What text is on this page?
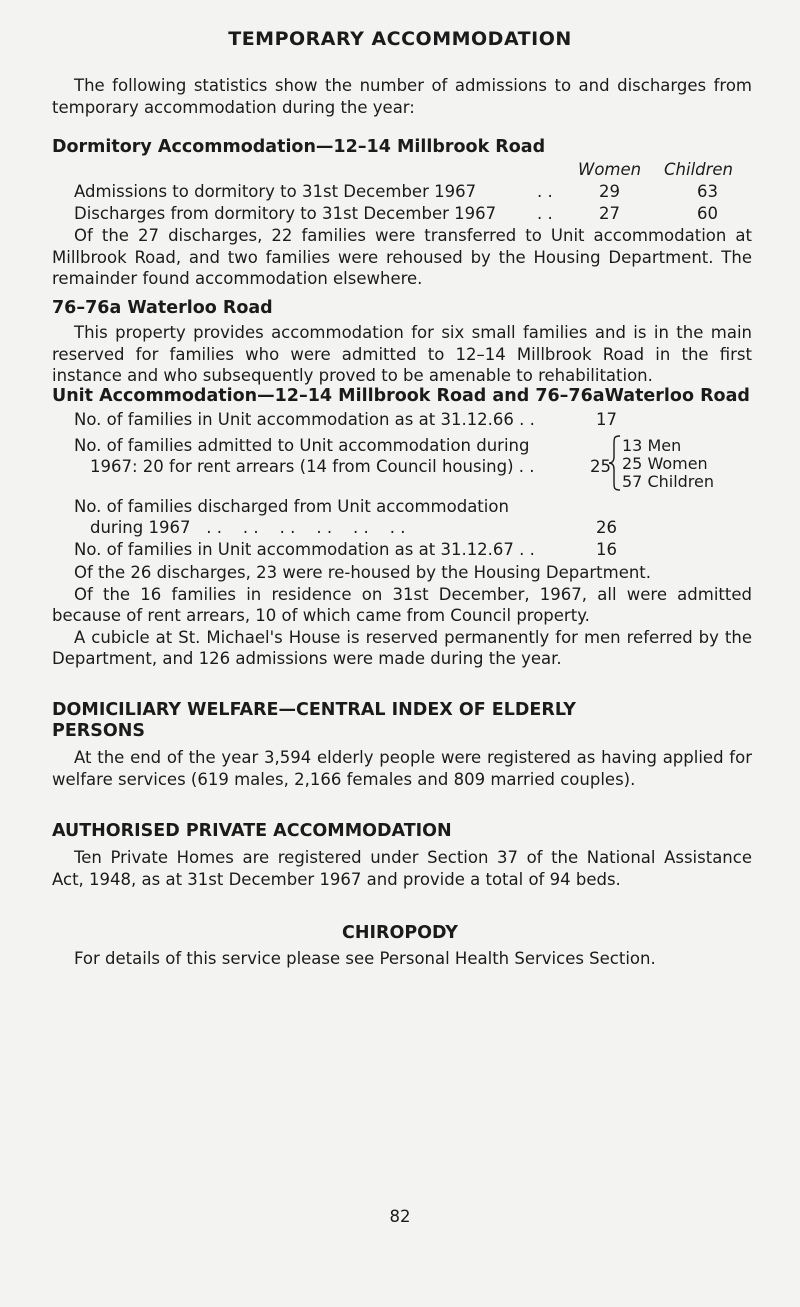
TEMPORARY ACCOMMODATION

The following statistics show the number of admissions to and discharges from temporary accommodation during the year:

Dormitory Accommodation—12–14 Millbrook Road
Women Children
Admissions to dormitory to 31st December 1967	. .	29	63
Discharges from dormitory to 31st December 1967 . .	27	60

Of the 27 discharges, 22 families were transferred to Unit accommodation at Millbrook Road, and two families were rehoused by the Housing Department. The remainder found accommodation elsewhere.

76–76a Waterloo Road

This property provides accommodation for six small families and is in the main reserved for families who were admitted to 12–14 Millbrook Road in the first instance and who subsequently proved to be amenable to rehabilitation.

Unit Accommodation—12–14 Millbrook Road and 76–76aWaterloo Road
No. of families in Unit accommodation as at 31.12.66 . .	17
No. of families admitted to Unit accommodation during
1967: 20 for rent arrears (14 from Council housing) . .	25
13 Men
25 Women
57 Children
No. of families discharged from Unit accommodation
during 1967   . .    . .    . .    . .    . .    . .	26
No. of families in Unit accommodation as at 31.12.67 . .	16

Of the 26 discharges, 23 were re-housed by the Housing Department.

Of the 16 families in residence on 31st December, 1967, all were admitted because of rent arrears, 10 of which came from Council property.

A cubicle at St. Michael's House is reserved permanently for men referred by the Department, and 126 admissions were made during the year.

DOMICILIARY WELFARE—CENTRAL INDEX OF ELDERLY
PERSONS

At the end of the year 3,594 elderly people were registered as having applied for welfare services (619 males, 2,166 females and 809 married couples).

AUTHORISED PRIVATE ACCOMMODATION

Ten Private Homes are registered under Section 37 of the National Assistance Act, 1948, as at 31st December 1967 and provide a total of 94 beds.

CHIROPODY

For details of this service please see Personal Health Services Section.

82
